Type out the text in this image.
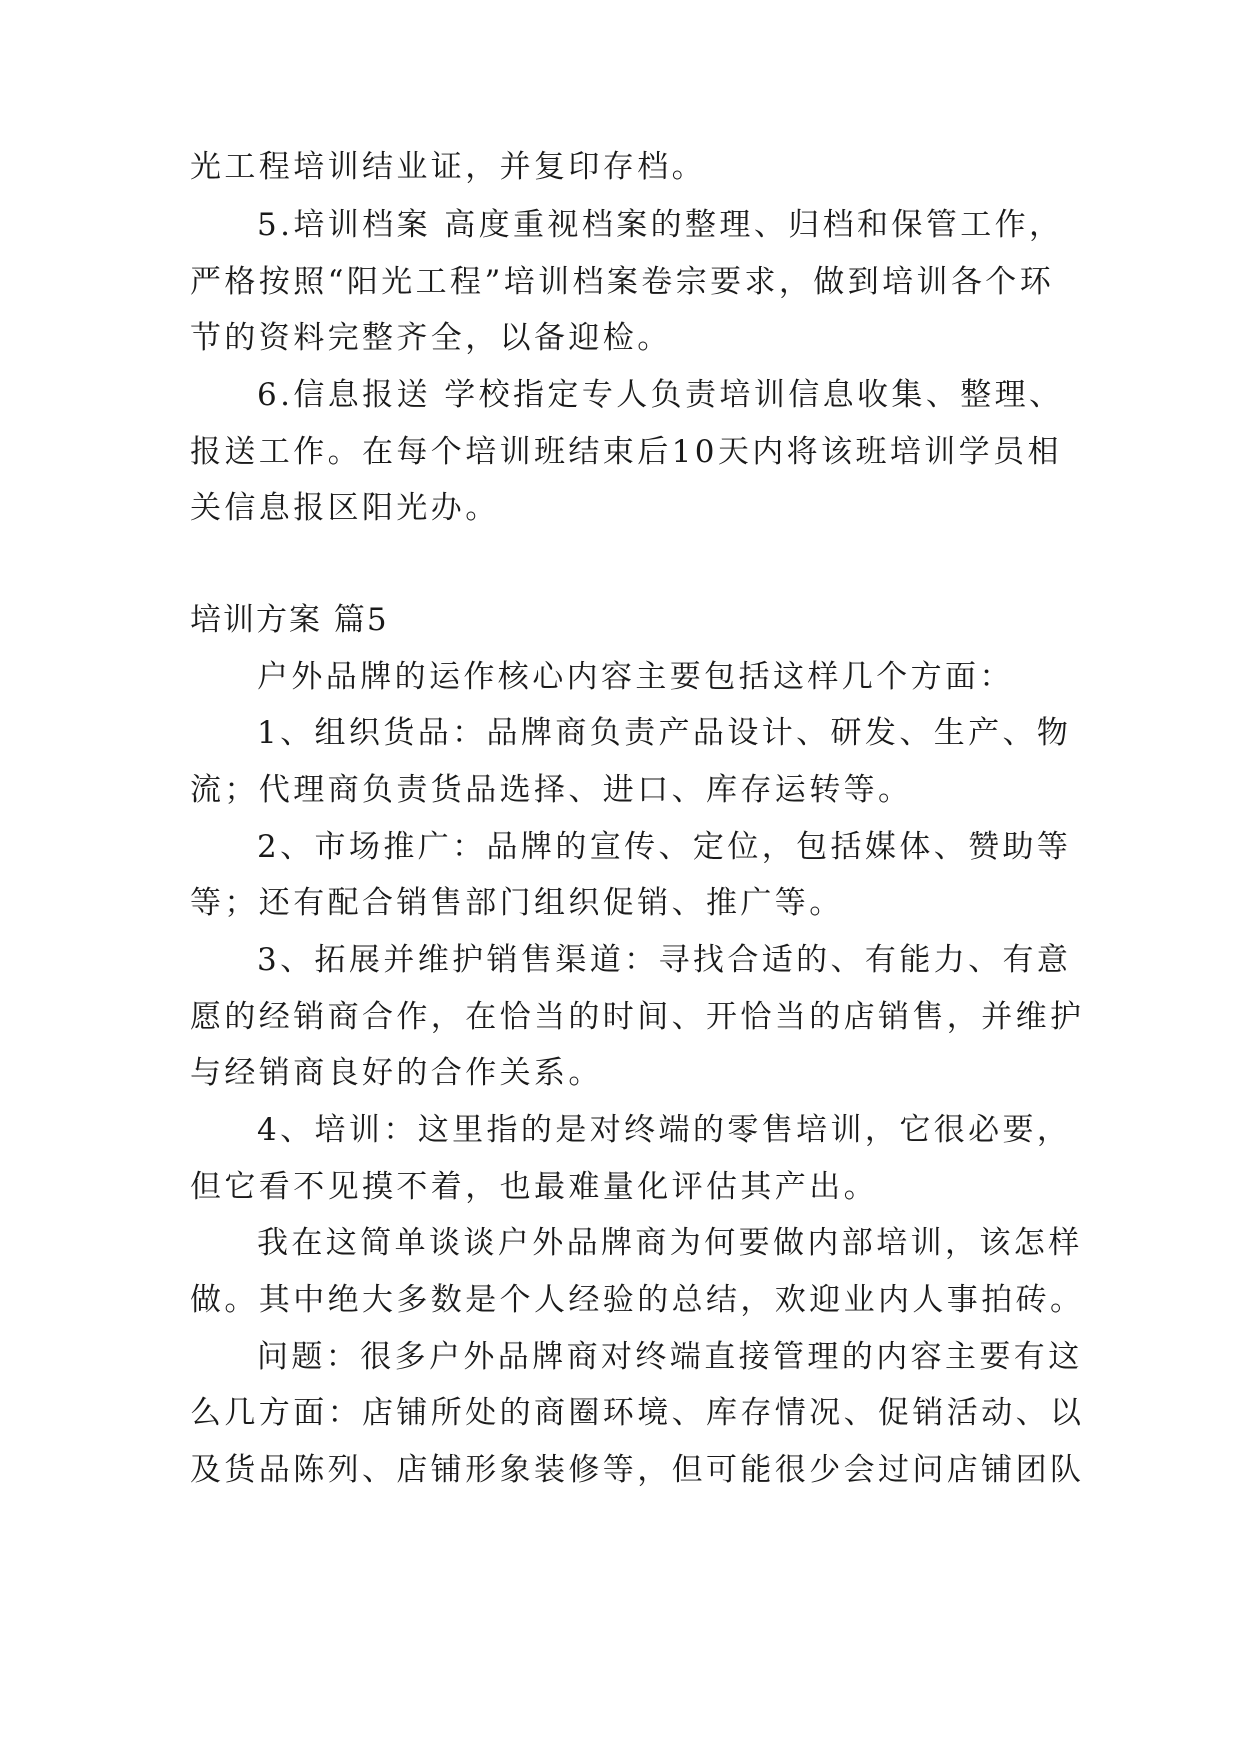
光工程培训结业证，并复印存档。
5.培训档案 高度重视档案的整理、归档和保管工作，
严格按照“阳光工程”培训档案卷宗要求，做到培训各个环
节的资料完整齐全，以备迎检。
6.信息报送 学校指定专人负责培训信息收集、整理、
报送工作。在每个培训班结束后10天内将该班培训学员相
关信息报区阳光办。
培训方案 篇5
户外品牌的运作核心内容主要包括这样几个方面：
1、组织货品：品牌商负责产品设计、研发、生产、物
流；代理商负责货品选择、进口、库存运转等。
2、市场推广：品牌的宣传、定位，包括媒体、赞助等
等；还有配合销售部门组织促销、推广等。
3、拓展并维护销售渠道：寻找合适的、有能力、有意
愿的经销商合作，在恰当的时间、开恰当的店销售，并维护
与经销商良好的合作关系。
4、培训：这里指的是对终端的零售培训，它很必要，
但它看不见摸不着，也最难量化评估其产出。
我在这简单谈谈户外品牌商为何要做内部培训，该怎样
做。其中绝大多数是个人经验的总结，欢迎业内人事拍砖。
问题：很多户外品牌商对终端直接管理的内容主要有这
么几方面：店铺所处的商圈环境、库存情况、促销活动、以
及货品陈列、店铺形象装修等，但可能很少会过问店铺团队
